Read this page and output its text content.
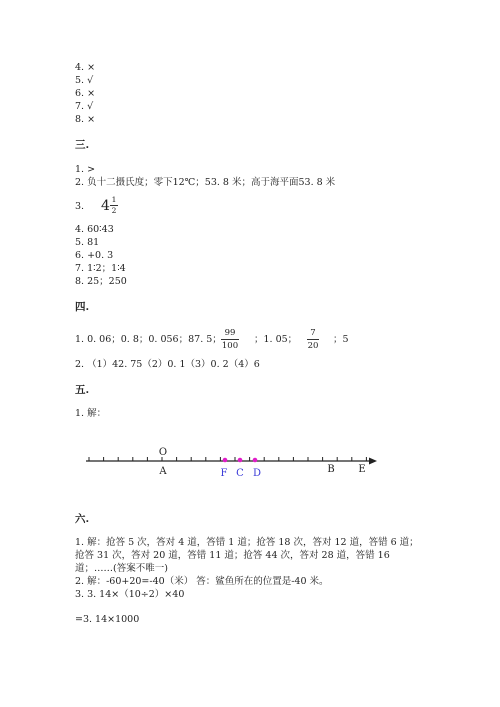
4. ×
5. √
6. ×
7. √
8. ×
三.
1. >
2. 负十二摄氏度；零下12℃；53. 8 米；高于海平面53. 8 米
3. 4 1
2
4. 60∶43
5. 81
6. +0. 3
7. 1∶2；1∶4
8. 25；250
四.
1. 0. 06；0. 8；0. 056；87. 5；
99
100
；1. 05；
7
20
；5
2. （1）42. 75（2）0. 1（3）0. 2（4）6
五.
1. 解：
O
A	F C D	B E
六.
1. 解：抢答 5 次，答对 4 道，答错 1 道；抢答 18 次，答对 12 道，答错 6 道；
抢答 31 次，答对 20 道，答错 11 道；抢答 44 次，答对 28 道，答错 16
道；……(答案不唯一)
2. 解：-60+20=-40（米） 答：鲨鱼所在的位置是-40 米。
3. 3. 14×（10÷2）×40
=3. 14×1000
